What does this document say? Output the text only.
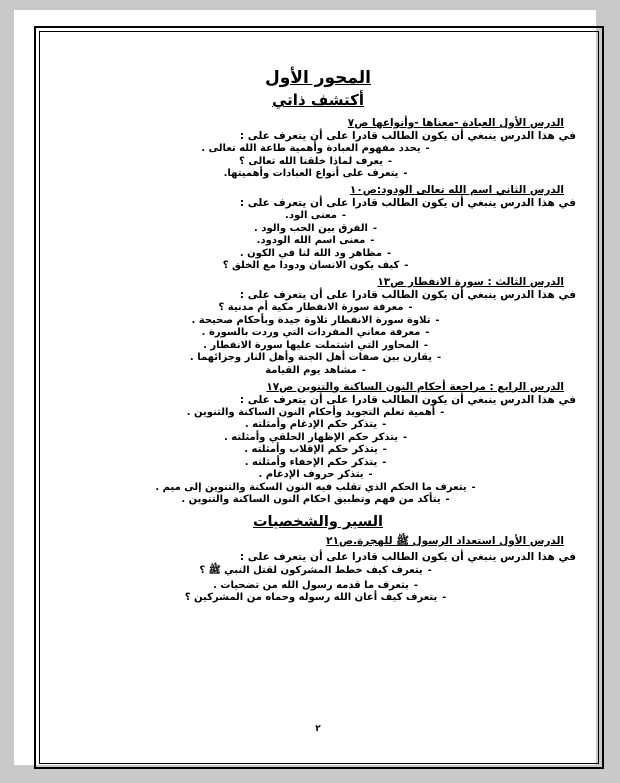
المحور الأول
أكتشف ذاتي
الدرس الأول العبادة -معناها -وأنواعها ص٧
في هذا الدرس ينبغي أن يكون الطالب قادرا على أن يتعرف على :
-يحدد مفهوم العبادة وأهمية طاعة الله تعالى .
-يعرف لماذا خلقنا الله تعالى ؟
-يتعرف على أنواع العبادات وأهميتها.
الدرس الثاني اسم الله تعالى الودود:ص١٠
في هذا الدرس ينبغي أن يكون الطالب قادرا على أن يتعرف على :
-معنى الود.
-الفرق بين الحب والود .
-معنى اسم الله الودود.
-مظاهر ود الله لنا في الكون .
-كيف يكون الانسان ودودا مع الخلق ؟
الدرس الثالث : سورة الانفطار ص١٣
في هذا الدرس ينبغي أن يكون الطالب قادرا على أن يتعرف على :
-معرفة سورة الانفطار مكية أم مدنية ؟
-تلاوة سورة الانفطار تلاوة جيدة وبأحكام صحيحة .
-معرفة معاني المفردات التي وردت بالسورة .
-المحاور التي اشتملت عليها سورة الانفطار .
-يقارن بين صفات أهل الجنة وأهل النار وجزائهما .
-مشاهد يوم القيامة
الدرس الرابع : مراجعة أحكام النون الساكنة والتنوين ص١٧
في هذا الدرس ينبغي أن يكون الطالب قادرا على أن يتعرف على :
-أهمية تعلم التجويد وأحكام النون الساكنة والتنوين .
-يتذكر حكم الإدغام وأمثلته .
-يتذكر حكم الإظهار الحلقي وأمثلته .
-يتذكر حكم الإقلاب وأمثلته .
-يتذكر حكم الإخفاء وأمثلته .
-يتذكر حروف الإدغام .
-يتعرف ما الحكم الذي تقلب فيه النون السكنة والتنوين إلى ميم .
-يتأكد من فهم وتطبيق احكام النون الساكنة والتنوين .
السير والشخصيات
الدرس الأول استعداد الرسول ﷺ للهجرة.ص٢١
في هذا الدرس ينبغي أن يكون الطالب قادرا على أن يتعرف على :
-يتعرف كيف خطط المشركون لقتل النبي ﷺ ؟
-يتعرف ما قدمه رسول الله من تضحيات .
-يتعرف كيف أعان الله رسوله وحماه من المشركين ؟
٢
